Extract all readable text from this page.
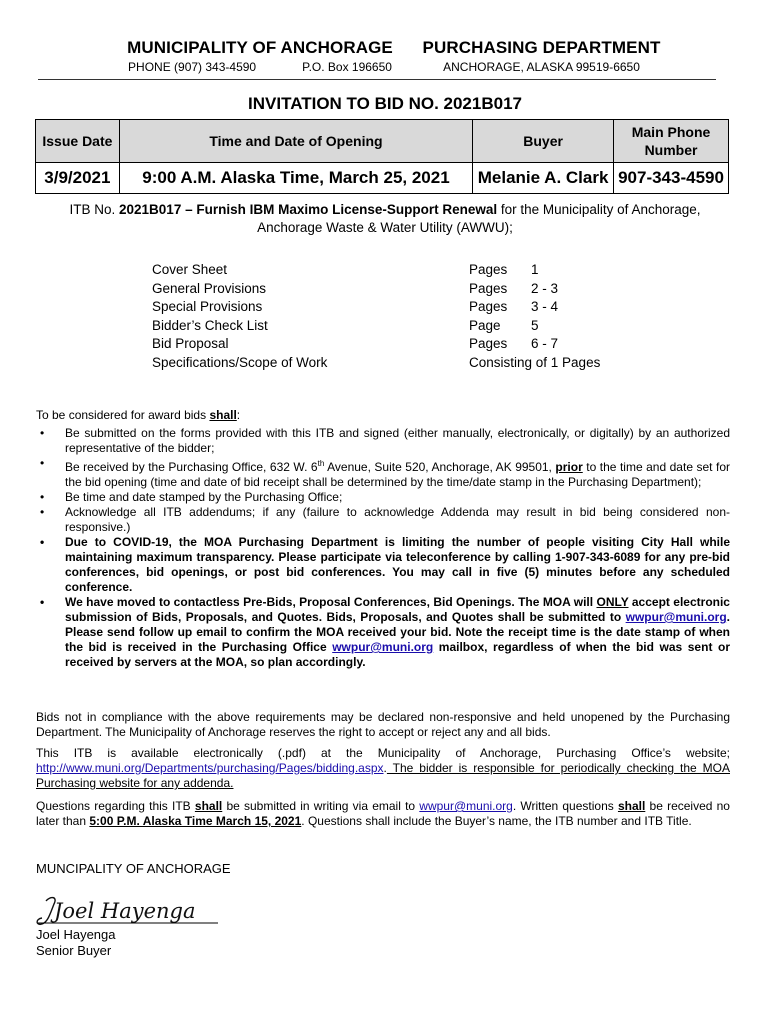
MUNICIPALITY OF ANCHORAGE
PHONE (907) 343-4590	P.O. Box 196650
PURCHASING DEPARTMENT
ANCHORAGE, ALASKA 99519-6650
INVITATION TO BID NO. 2021B017
Issue Date	Time and Date of Opening	Buyer	Main Phone Number
3/9/2021	9:00 A.M. Alaska Time, March 25, 2021	Melanie A. Clark	907-343-4590
ITB No. 2021B017 – Furnish IBM Maximo License-Support Renewal for the Municipality of Anchorage, Anchorage Waste & Water Utility (AWWU);
Cover Sheet	Pages 1
General Provisions	Pages 2 - 3
Special Provisions	Pages 3 - 4
Bidder’s Check List	Page 5
Bid Proposal	Pages 6 - 7
Specifications/Scope of Work	Consisting of 1 Pages
To be considered for award bids shall:
• Be submitted on the forms provided with this ITB and signed (either manually, electronically, or digitally) by an authorized representative of the bidder;
• Be received by the Purchasing Office, 632 W. 6th Avenue, Suite 520, Anchorage, AK 99501, prior to the time and date set for the bid opening (time and date of bid receipt shall be determined by the time/date stamp in the Purchasing Department);
• Be time and date stamped by the Purchasing Office;
• Acknowledge all ITB addendums; if any (failure to acknowledge Addenda may result in bid being considered non-responsive.)
• Due to COVID-19, the MOA Purchasing Department is limiting the number of people visiting City Hall while maintaining maximum transparency. Please participate via teleconference by calling 1-907-343-6089 for any pre-bid conferences, bid openings, or post bid conferences. You may call in five (5) minutes before any scheduled conference.
• We have moved to contactless Pre-Bids, Proposal Conferences, Bid Openings. The MOA will ONLY accept electronic submission of Bids, Proposals, and Quotes. Bids, Proposals, and Quotes shall be submitted to wwpur@muni.org. Please send follow up email to confirm the MOA received your bid. Note the receipt time is the date stamp of when the bid is received in the Purchasing Office wwpur@muni.org mailbox, regardless of when the bid was sent or received by servers at the MOA, so plan accordingly.
Bids not in compliance with the above requirements may be declared non-responsive and held unopened by the Purchasing Department. The Municipality of Anchorage reserves the right to accept or reject any and all bids.
This ITB is available electronically (.pdf) at the Municipality of Anchorage, Purchasing Office’s website; http://www.muni.org/Departments/purchasing/Pages/bidding.aspx. The bidder is responsible for periodically checking the MOA Purchasing website for any addenda.
Questions regarding this ITB shall be submitted in writing via email to wwpur@muni.org. Written questions shall be received no later than 5:00 P.M. Alaska Time March 15, 2021. Questions shall include the Buyer’s name, the ITB number and ITB Title.
MUNCIPALITY OF ANCHORAGE
Joel Hayenga
Joel Hayenga
Senior Buyer
